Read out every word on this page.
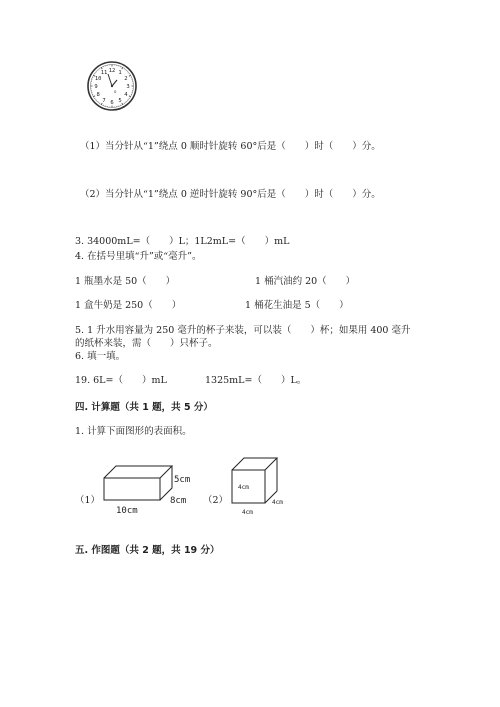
12 1
2
3
4
5
6
7
8
9
10
11
o
（1）当分针从“1”绕点 0 顺时针旋转 60°后是（　　）时（　　）分。
（2）当分针从“1”绕点 0 逆时针旋转 90°后是（　　）时（　　）分。
3. 34000mL=（　　）L；1L2mL=（　　）mL
4. 在括号里填“升”或“毫升”。
1 瓶墨水是 50（　　）	1 桶汽油约 20（　　）
1 盒牛奶是 250（　　）	1 桶花生油是 5（　　）
5. 1 升水用容量为 250 毫升的杯子来装，可以装（　　）杯；如果用 400 毫升
的纸杯来装，需（　　）只杯子。
6. 填一填。
19. 6L=（　　）mL	1325mL=（　　）L。
四. 计算题（共 1 题，共 5 分）
1. 计算下面图形的表面积。
（1）
10cm
8cm
5cm
（2）
4cm
4cm
4cm
五. 作图题（共 2 题，共 19 分）
